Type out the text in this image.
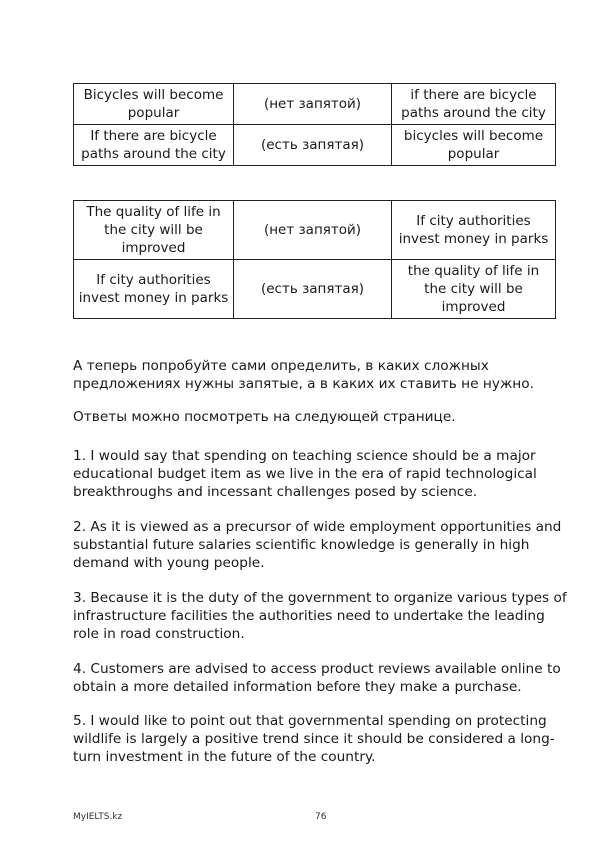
Bicycles will become popular	(нет запятой)	if there are bicycle paths around the city
If there are bicycle paths around the city	(есть запятая)	bicycles will become popular
The quality of life in the city will be improved	(нет запятой)	If city authorities invest money in parks
If city authorities invest money in parks	(есть запятая)	the quality of life in the city will be improved

А теперь попробуйте сами определить, в каких сложных предложениях нужны запятые, а в каких их ставить не нужно.

Ответы можно посмотреть на следующей странице.

1. I would say that spending on teaching science should be a major educational budget item as we live in the era of rapid technological breakthroughs and incessant challenges posed by science.

2. As it is viewed as a precursor of wide employment opportunities and substantial future salaries scientific knowledge is generally in high demand with young people.

3. Because it is the duty of the government to organize various types of infrastructure facilities the authorities need to undertake the leading role in road construction.

4. Customers are advised to access product reviews available online to obtain a more detailed information before they make a purchase.

5. I would like to point out that governmental spending on protecting wildlife is largely a positive trend since it should be considered a long-turn investment in the future of the country.

MyIELTS.kz	76
